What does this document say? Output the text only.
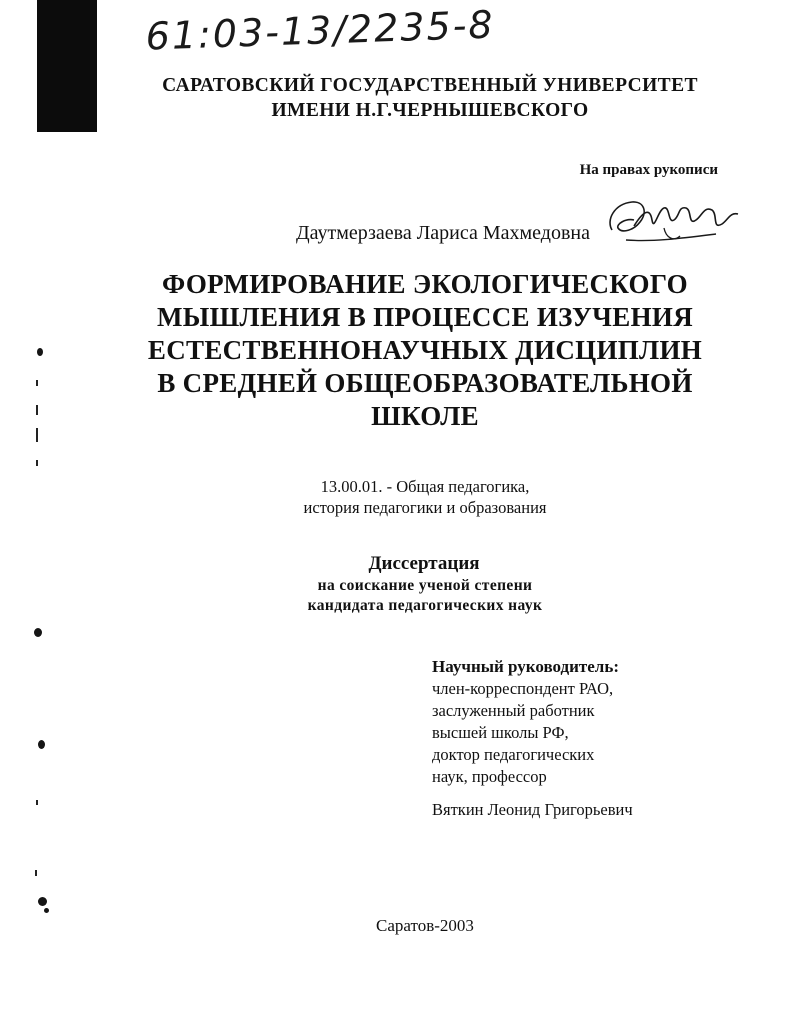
61:03-13/2235-8
САРАТОВСКИЙ ГОСУДАРСТВЕННЫЙ УНИВЕРСИТЕТ
ИМЕНИ Н.Г.ЧЕРНЫШЕВСКОГО
На правах рукописи
Даутмерзаева Лариса Махмедовна
ФОРМИРОВАНИЕ ЭКОЛОГИЧЕСКОГО
МЫШЛЕНИЯ В ПРОЦЕССЕ ИЗУЧЕНИЯ
ЕСТЕСТВЕННОНАУЧНЫХ ДИСЦИПЛИН
В СРЕДНЕЙ ОБЩЕОБРАЗОВАТЕЛЬНОЙ
ШКОЛЕ
13.00.01. - Общая педагогика,
история педагогики и образования
Диссертация
на соискание ученой степени
кандидата педагогических наук
Научный руководитель:
член-корреспондент РАО,
заслуженный работник
высшей школы РФ,
доктор педагогических
наук, профессор
Вяткин Леонид Григорьевич
Саратов-2003
